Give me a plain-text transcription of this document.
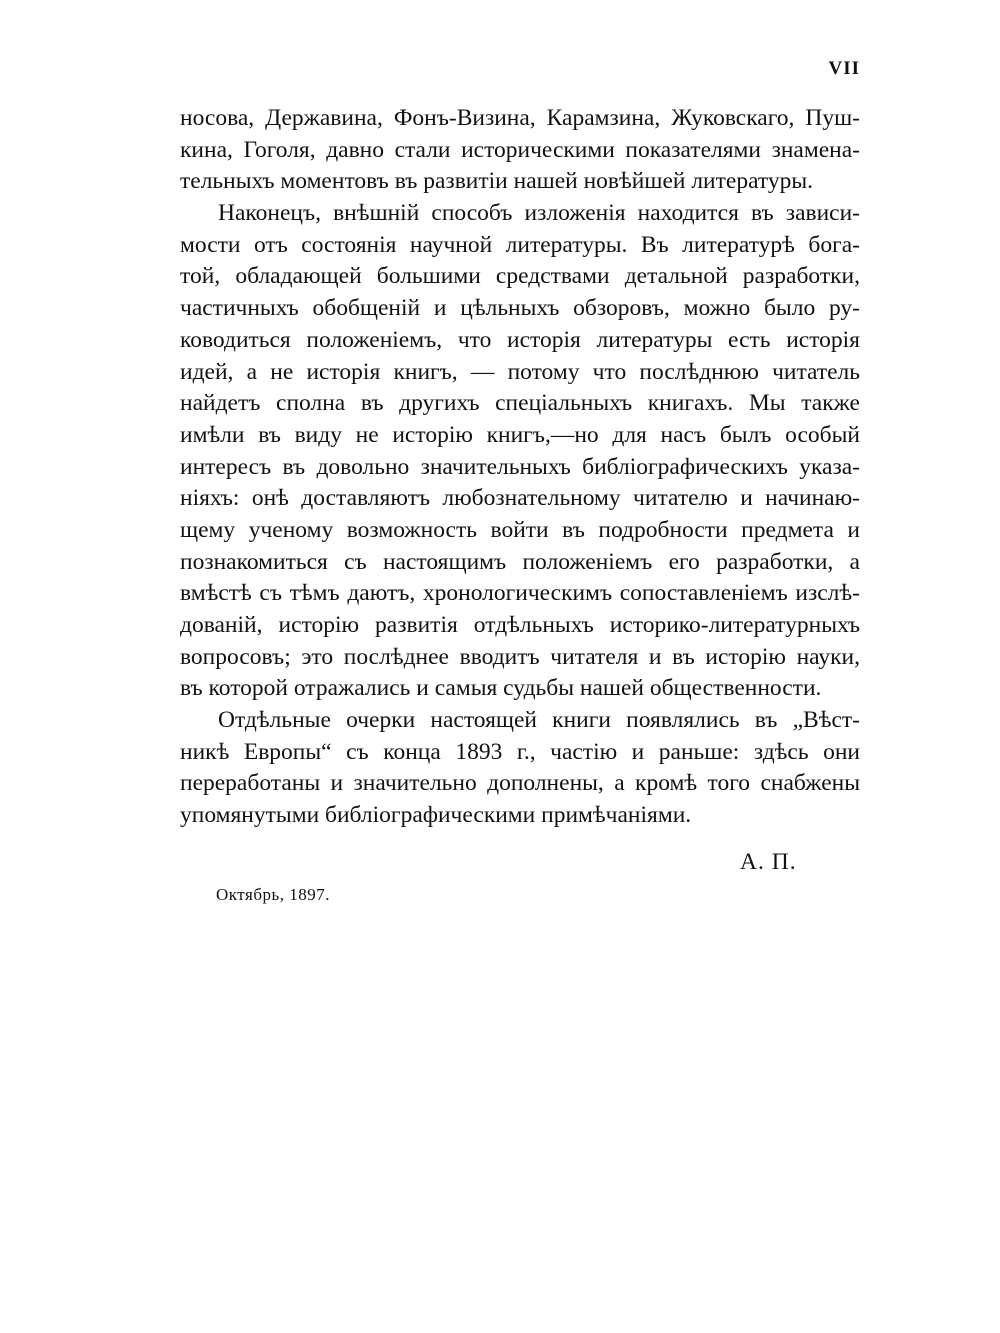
VII
носова, Державина, Фонъ-Визина, Карамзина, Жуковскаго, Пуш-
кина, Гоголя, давно стали историческими показателями знамена-
тельныхъ моментовъ въ развитіи нашей новѣйшей литературы.
Наконецъ, внѣшній способъ изложенія находится въ завиcи-
мости отъ состоянія научной литературы. Въ литературѣ бога-
той, обладающей большими средствами детальной разработки,
частичныхъ обобщеній и цѣльныхъ обзоровъ, можно было ру-
ководиться положеніемъ, что исторія литературы есть исторія
идей, а не исторія книгъ, — потому что послѣднюю читатель
найдетъ сполна въ другихъ спеціальныхъ книгахъ. Мы также
имѣли въ виду не исторію книгъ,—но для насъ былъ особый
интересъ въ довольно значительныхъ библіографическихъ указа-
ніяхъ: онѣ доставляютъ любознательному читателю и начинаю-
щему ученому возможность войти въ подробности предмета и
познакомиться съ настоящимъ положеніемъ его разработки, а
вмѣстѣ съ тѣмъ даютъ, хронологическимъ сопоставленіемъ изслѣ-
дованій, исторію развитія отдѣльныхъ историко-литературныхъ
вопросовъ; это послѣднее вводитъ читателя и въ исторію науки,
въ которой отражались и самыя судьбы нашей общественности.
Отдѣльные очерки настоящей книги появлялись въ „Вѣст-
никѣ Европы“ съ конца 1893 г., частію и раньше: здѣсь они
переработаны и значительно дополнены, а кромѣ того снабжены
упомянутыми библіографическими примѣчаніями.
А. П.
Октябрь, 1897.
